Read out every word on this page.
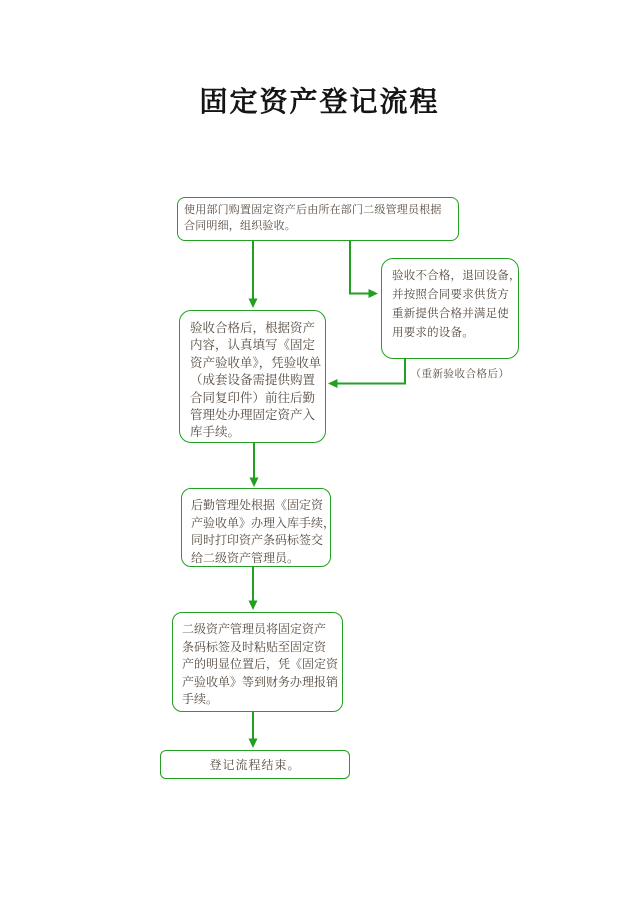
固定资产登记流程
使用部门购置固定资产后由所在部门二级管理员根据
合同明细，组织验收。
验收不合格，退回设备，
并按照合同要求供货方
重新提供合格并满足使
用要求的设备。
（重新验收合格后）
验收合格后，根据资产
内容，认真填写《固定
资产验收单》，凭验收单
（成套设备需提供购置
合同复印件）前往后勤
管理处办理固定资产入
库手续。
后勤管理处根据《固定资
产验收单》办理入库手续，
同时打印资产条码标签交
给二级资产管理员。
二级资产管理员将固定资产
条码标签及时粘贴至固定资
产的明显位置后，凭《固定资
产验收单》等到财务办理报销
手续。
登记流程结束。
